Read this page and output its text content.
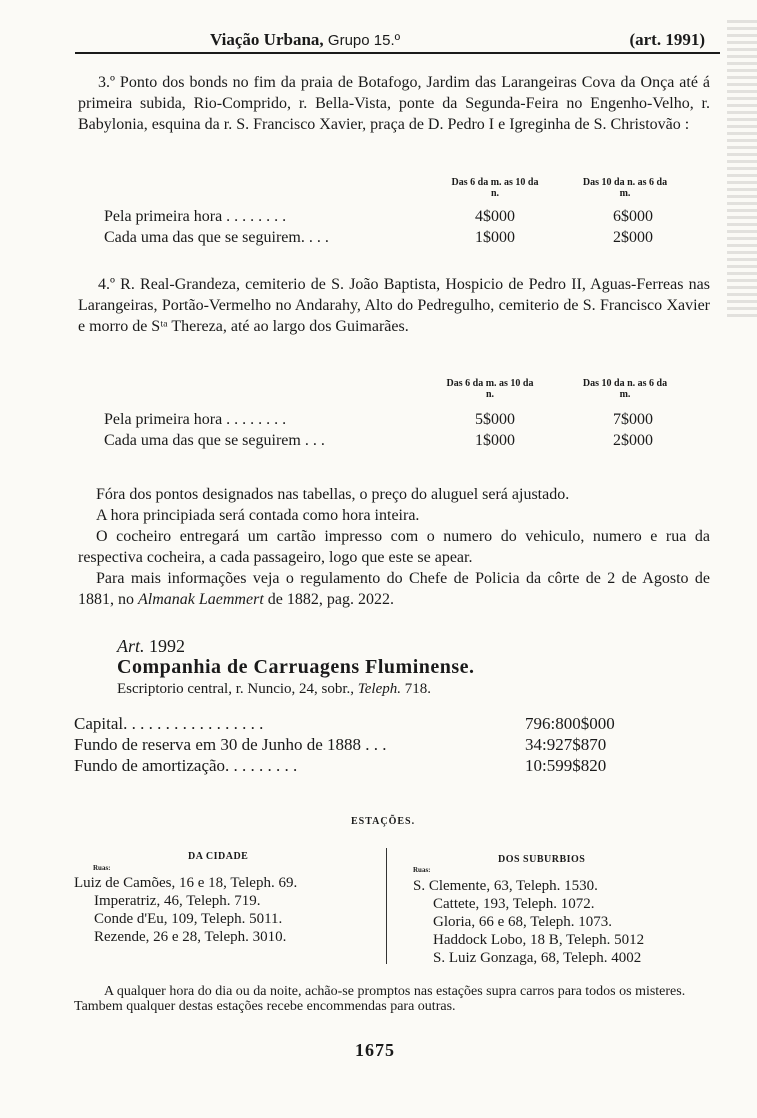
Viação Urbana, Grupo 15.º	(art. 1991)
3.º Ponto dos bonds no fim da praia de Botafogo, Jardim das Larangeiras Cova da Onça até á primeira subida, Rio-Comprido, r. Bella-Vista, ponte da Segunda-Feira no Engenho-Velho, r. Babylonia, esquina da r. S. Francisco Xavier, praça de D. Pedro I e Igreginha de S. Christovão :
Das 6 da m. as 10 da n.
Das 10 da n. as 6 da m.
Pela primeira hora . . . . . . . .	4$000	6$000
Cada uma das que se seguirem. . . .	1$000	2$000
4.º R. Real-Grandeza, cemiterio de S. João Baptista, Hospicio de Pedro II, Aguas-Ferreas nas Larangeiras, Portão-Vermelho no Andarahy, Alto do Pedregulho, cemiterio de S. Francisco Xavier e morro de Sᵗᵃ Thereza, até ao largo dos Guimarães.
Das 6 da m. as 10 da n.
Das 10 da n. as 6 da m.
Pela primeira hora . . . . . . . .	5$000	7$000
Cada uma das que se seguirem . . .	1$000	2$000
Fóra dos pontos designados nas tabellas, o preço do aluguel será ajustado.
A hora principiada será contada como hora inteira.
O cocheiro entregará um cartão impresso com o numero do vehiculo, numero e rua da respectiva cocheira, a cada passageiro, logo que este se apear.
Para mais informações veja o regulamento do Chefe de Policia da côrte de 2 de Agosto de 1881, no Almanak Laemmert de 1882, pag. 2022.
Art. 1992
Companhia de Carruagens Fluminense.
Escriptorio central, r. Nuncio, 24, sobr., Teleph. 718.
Capital. . . . . . . . . . . . . . . . .	796:800$000
Fundo de reserva em 30 de Junho de 1888 . . .	34:927$870
Fundo de amortização. . . . . . . . .	10:599$820
ESTAÇÕES.
DA CIDADE
Ruas:
Luiz de Camões, 16 e 18, Teleph. 69.
Imperatriz, 46, Teleph. 719.
Conde d'Eu, 109, Teleph. 5011.
Rezende, 26 e 28, Teleph. 3010.
DOS SUBURBIOS
Ruas:
S. Clemente, 63, Teleph. 1530.
Cattete, 193, Teleph. 1072.
Gloria, 66 e 68, Teleph. 1073.
Haddock Lobo, 18 B, Teleph. 5012
S. Luiz Gonzaga, 68, Teleph. 4002
A qualquer hora do dia ou da noite, achão-se promptos nas estações supra carros para todos os misteres. Tambem qualquer destas estações recebe encommendas para outras.
1675
